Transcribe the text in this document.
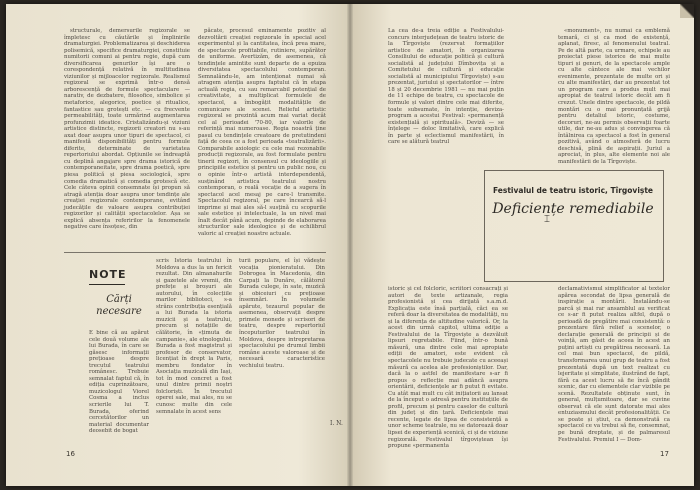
structurale, demersurile regizorale se împletesc cu căutările și împlinirile dramaturgiei. Problematizarea și deschiderea polisemică, specifice dramaturgiei, constituie numitorii comuni ai pentru regie, după cum diversificarea genurilor își are o corespondență relativă în multitudinea viziunilor și mijloacelor regizorale. Realismul regizoral se exprimă într-o densă arborescență de formule spectaculare — narativ, de dezbatere, filosofice, simbolice și metaforice, alegorice, poetice și ritualice, fantastice sau grotești etc. — cu frecvente permeabilități, toate urmărind augmentarea profunzimii ideatice. Cristalizându-și viziuni artistice distincte, regizorii creatori nu s-au axat doar asupra unor tipuri de spectacol, ci manifestă disponibilități pentru formule diferite, determinate de varietatea repertoriului abordat. Opțiunile se îndreaptă cu deplină angajare spre drama istorică de contemporaneitate, spre drama poetică, spre piesa politică și piesa sociologică, spre comedia dramatică și comedia grotescă etc. Cele câteva opinii consemnate își propun să atragă atenția doar asupra unor tendințe ale creației regizorale contemporane, evitând judecățile de valoare asupra contribuției regizorilor și calității spectacolelor. Așa se explică absența referirilor la fenomenele negative care însoțesc, din

păcate, procesul eminamente pozitiv al dezvoltării creației regizorale în special acel experimentul și la cantitatea, încă prea mare, de spectacole profitabile, rutiniere, supărător de uniforme. Avertizăm, de asemenea, că tendințele amintite sunt departe de a epuiza diversitatea spectacolului contemporan. Semnalându-le, am intenționat numai să atragem atenția asupra faptului că în etapa actuală regia, cu sau remarcabil potențial de creativitate, a multiplicat formulele de spectacol, a îmbogățit modalitățile de comunicare ale scenei. Relieful artistic regizoral se prezintă acum mai variat decât cel al perioadei '70-80, iar valorile de referință mai numeroase. Regia noastră ține pasul cu tendințele creatoare de pretutindeni față de ceea ce a fost perioada «teatralizării». Comparabile axiologic cu cele mai rezonabile producții regizorale, au fost formulate pentru tinerii regizori, în consensul cu ideologiile și principiile estetice și pentru un public nou, cu o opinie într-o artistă interdependentă, susținând artistica teatrului nostru contemporan, o reală vocație de a sugera în spectacol acel mesaj pe care-l transmite. Spectacolul regizoral, pe care încearcă să-l imprime și mai ales să-l susțină cu scopurile sale estetice și intelectuale, la un nivel mai înalt decât până acum, depinde de elaborarea structurilor sale ideologice și de echilibrul valoric al creației noastre actuale.

NOTE
Cărți necesare

E bine că au apărut cele două volume ale lui Burada, în care se găsesc informații prețioase despre trecutul teatrului românesc. Trebuie semnalat faptul că, în ediția cuprinzătoare, muzicologul Viorel Cosma a inclus scrierile lui T. Burada, oferind cercetătorilor un material documentar deosebit de bogat

scris Istoria teatrului în Moldova a dus la un fericit rezultat. Din almanahurile și gazetele ale vremii, din prefețe și broșuri ale autorului, în colecțiile marilor biblioteci, s-a strâns contribuția esențială a lui Burada la istoria muzicii și a teatrului, precum și notațiile de călătorie, în «țimuta de campanie», ale etnologului. Burada a fost magistrat și profesor de conservator, licențiat în drept la Paris, membru fondator în Asociația muzicală din Iași, tot în mod concret a fost unul dintre primii noștri folcloriști. În trecutul operei sale, mai ales, nu se cunosc multe din cele semnalate în acest sens

turii populare, el își vădește vocația pionieratului. Din Dobrogea în Macedonia, din Carpați la Dunăre, călătorul Burada culege, în sate, muzică și obiceiuri cu prețioase însemnări. În volumele apărute, tezaurul popular de asemenea, observații despre primele monede și scrisori de teatru, despre repertoriul începuturilor teatrului în Moldova, despre intrepretarea spectacolului pe drumul limbii române aceste valoroase și de necesară caracteristice vechiului teatru.

I. N.
16

La cea de-a treia ediție a Festivalului-concurs interjudețean de teatru istoric de la Tîrgoviște (rezervat formațiilor artistice de amatori, în organizarea Consiliului de educație politică și cultură socialistă al județului Dîmbovița și a Comitetului de cultură și educație socialistă al municipiului Tîrgoviște) s-au prezentat, juriului și spectatorilor — între 18 și 20 decembrie 1981 — nu mai puțin de 11 echipe de teatru, cu spectacole de formule și valori dintre cele mai diferite, toate subsumate, în intenție, deviza-program a acestui Festival: «permanență existențială și spirituală». Deviză — se înțelege — doloc limitativă, care explică în parte și eclectismul manifestării, în care se alătură teatrul

«monument», nu numai ca emblemă temară, ci și ca mod de existență, aplanat, firesc, al fenomenului teatral. Pe de altă parte, ca urmare, echipele au proiectat piese istorice de mai multe tipuri și genuri, de la spectacole ample cu alte cântece ale mai vechilor evenimente, prezentate de multe ori și cu alte manifestări, dar au prezentat tot un program care a produs mult mai apropiat de teatrul istoric decât am fi crezut. Unele dintre spectacole, de pildă montări cu o mai pronunțată grijă pentru detaliul istoric, costume, decoruri, ne-au permis observații foarte utile, dar ne-au adus și convingerea că întâlnirea ca spectacol a fost în general pozitivă, având o atmosferă de lucru deschisă, plină de aspirații. Juriul a apreciat, în plus, alte elemente noi ale manifestării de la Tîrgoviște.

Festivalul de teatru istoric, Tîrgoviște
Deficiențe remediabile
⌶

istoric și cel folcloric, scriitori consacrați și autori de texte artizanale, regia profesionistă și cea dirijată s.a.m.d. Explicația este însă parțială, căci ea se referă doar la diversitatea de modalități, nu și la diferența de altitudine valorică. Or, la acest din urmă capitol, ultima ediție a Festivalului de la Tîrgoviște a dezvăluit lipsuri regretabile. Fiind, într-o bună măsură, una dintre cele mai apropiate ediții de amatori, este evident că spectacolele nu trebuie judecate cu aceeași măsură ca acelea ale profesioniștilor. Dar, dacă la o astfel de manifestare s-ar fi propus o reflecție mai adâncă asupra orientării, deficiențele ar fi putut fi evitate. Cu atât mai mult cu cât inițiatorii au lansat de la început o adresă pentru instituțiile de profil, precum și pentru caselor de cultură din județ și din țară. Deficiențele mai recente, legate de lipsa de consistență a unor scheme teatrale, nu se datorează doar lipsei de experiență scenică, ci și de viziune regizorală. Festivalul tîrgoviștean își propune «permanenta

declamativismul simplificator al textelor apărea secondat de lipsa generală de inspirație a montării. Înstalându-se parcă și mai rar ansamblul au verificat ce s-ar fi putut realiza altfel, după o perioadă de pregătire mai consistentă: o prezentare fără relief a scenelor, o declarație generală de principii și de voință, am găsit de aceea în acest an puțini artiști cu pregătirea necesară. La cel mai bun spectacol, de pildă, transformarea unui grup de teatru a fost prezentată după un text realizat cu lejeritate și simplitate, ilustrând de fapt, fără ca acest lucru să fie încă gândit scenic, dar cu elementele clar vizibile pe scenă. Rezultatele obținute sunt, în general, mulțumitoare, dar se cuvine observat că ele sunt datorate mai ales entuziasmului decât profesionalității. Ce se poate și știut, ca demonstrată ca spectacol ce va trebui să fie, consemnat, pe bună dreptate, și de palmaresul Festivalului. Premiul I — Dom-

17
